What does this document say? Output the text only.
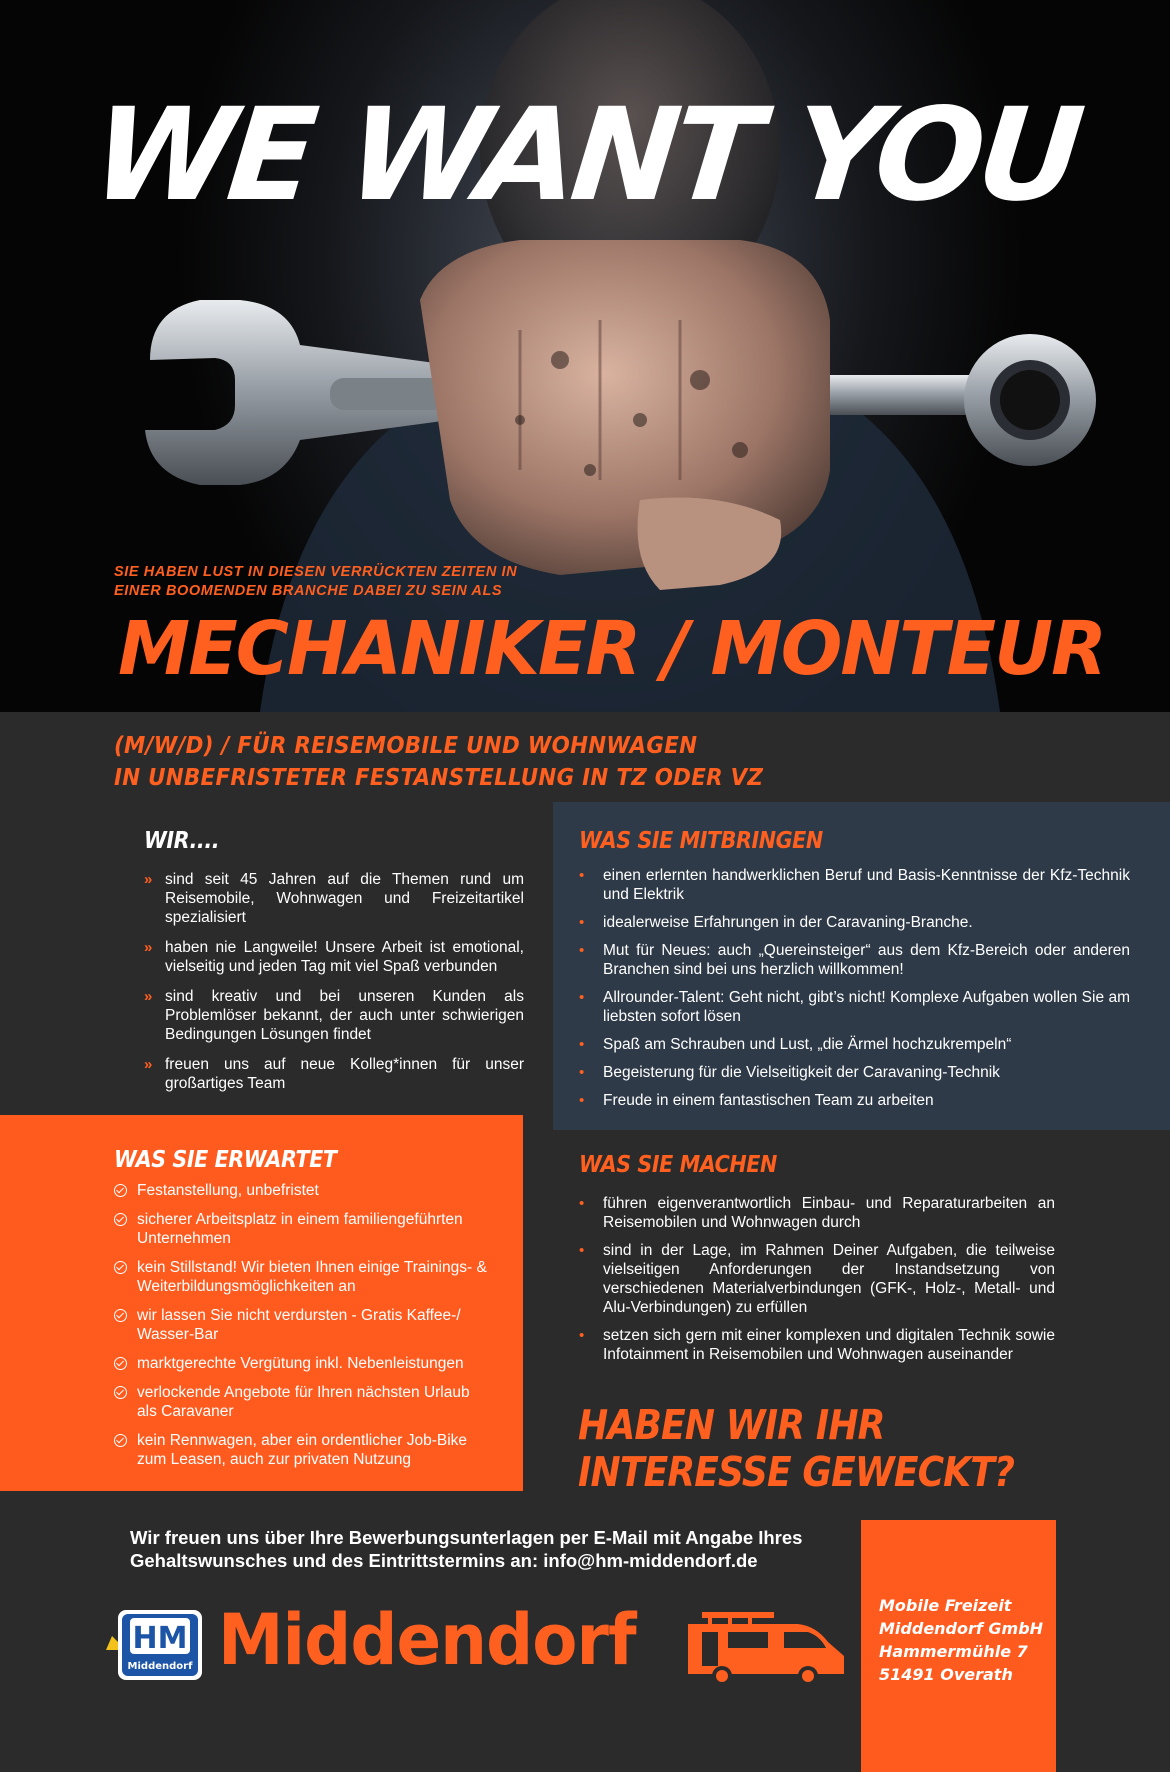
WE WANT YOU
SIE HABEN LUST IN DIESEN VERRÜCKTEN ZEITEN IN
EINER BOOMENDEN BRANCHE DABEI ZU SEIN ALS
MECHANIKER / MONTEUR
(M/W/D) / FÜR REISEMOBILE UND WOHNWAGEN
IN UNBEFRISTETER FESTANSTELLUNG IN TZ ODER VZ
WIR....
» sind seit 45 Jahren auf die Themen rund um Reisemobile, Wohnwagen und Freizeitartikel spezialisiert
» haben nie Langweile! Unsere Arbeit ist emotional, vielseitig und jeden Tag mit viel Spaß verbunden
» sind kreativ und bei unseren Kunden als Problemlöser bekannt, der auch unter schwierigen Bedingungen Lösungen findet
» freuen uns auf neue Kolleg*innen für unser großartiges Team
WAS SIE MITBRINGEN
• einen erlernten handwerklichen Beruf und Basis-Kenntnisse der Kfz-Technik und Elektrik
• idealerweise Erfahrungen in der Caravaning-Branche.
• Mut für Neues: auch „Quereinsteiger“ aus dem Kfz-Bereich oder anderen Branchen sind bei uns herzlich willkommen!
• Allrounder-Talent: Geht nicht, gibt’s nicht! Komplexe Aufgaben wollen Sie am liebsten sofort lösen
• Spaß am Schrauben und Lust, „die Ärmel hochzukrempeln“
• Begeisterung für die Vielseitigkeit der Caravaning-Technik
• Freude in einem fantastischen Team zu arbeiten
WAS SIE ERWARTET
Festanstellung, unbefristet
sicherer Arbeitsplatz in einem familiengeführten Unternehmen
kein Stillstand! Wir bieten Ihnen einige Trainings- & Weiterbildungsmöglichkeiten an
wir lassen Sie nicht verdursten - Gratis Kaffee-/ Wasser-Bar
marktgerechte Vergütung inkl. Nebenleistungen
verlockende Angebote für Ihren nächsten Urlaub als Caravaner
kein Rennwagen, aber ein ordentlicher Job-Bike zum Leasen, auch zur privaten Nutzung
WAS SIE MACHEN
• führen eigenverantwortlich Einbau- und Reparaturarbeiten an Reisemobilen und Wohnwagen durch
• sind in der Lage, im Rahmen Deiner Aufgaben, die teilweise vielseitigen Anforderungen der Instandsetzung von verschiedenen Materialverbindungen (GFK-, Holz-, Metall- und Alu-Verbindungen) zu erfüllen
• setzen sich gern mit einer komplexen und digitalen Technik sowie Infotainment in Reisemobilen und Wohnwagen auseinander
HABEN WIR IHR
INTERESSE GEWECKT?
Wir freuen uns über Ihre Bewerbungsunterlagen per E-Mail mit Angabe Ihres
Gehaltswunsches und des Eintrittstermins an: info@hm-middendorf.de
HM
Middendorf Middendorf	Mobile Freizeit
Middendorf GmbH
Hammermühle 7
51491 Overath
